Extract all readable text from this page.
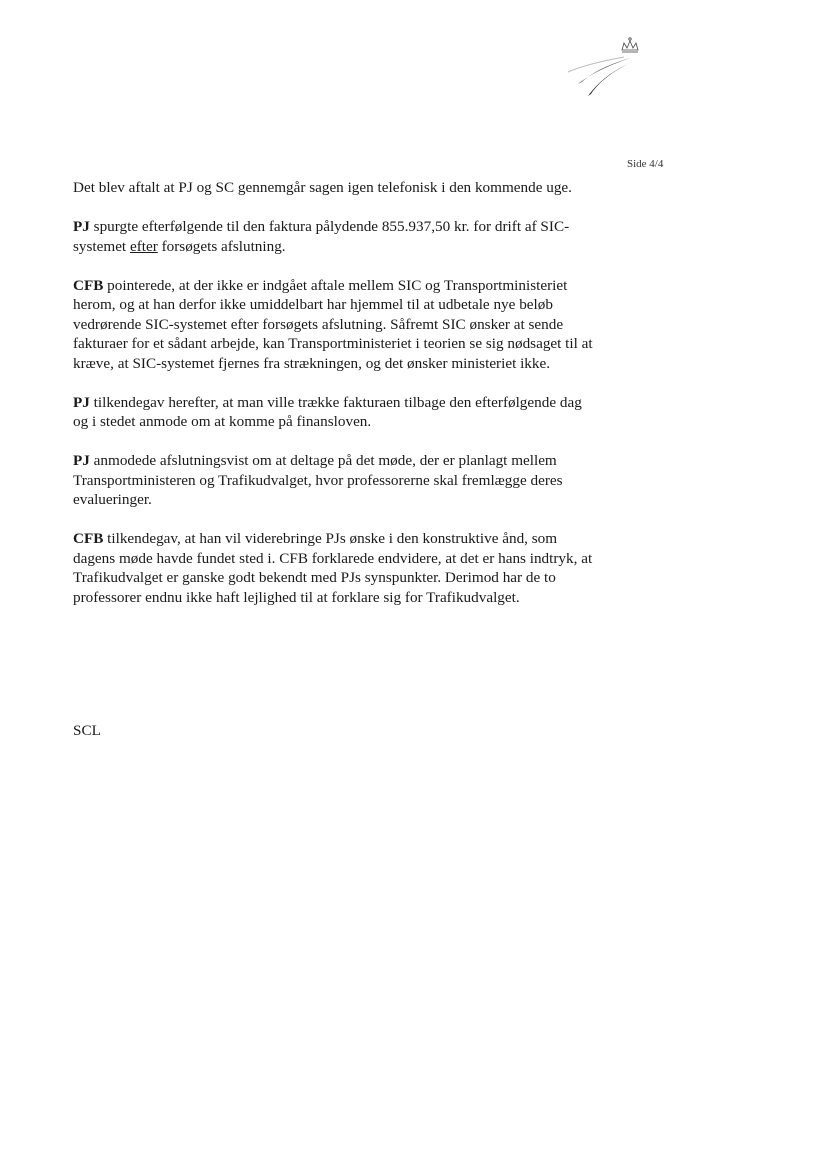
Side 4/4

Det blev aftalt at PJ og SC gennemgår sagen igen telefonisk i den kommende uge.

PJ spurgte efterfølgende til den faktura pålydende 855.937,50 kr. for drift af SIC-systemet efter forsøgets afslutning.

CFB pointerede, at der ikke er indgået aftale mellem SIC og Transportministeriet herom, og at han derfor ikke umiddelbart har hjemmel til at udbetale nye beløb vedrørende SIC-systemet efter forsøgets afslutning. Såfremt SIC ønsker at sende fakturaer for et sådant arbejde, kan Transportministeriet i teorien se sig nødsaget til at kræve, at SIC-systemet fjernes fra strækningen, og det ønsker ministeriet ikke.

PJ tilkendegav herefter, at man ville trække fakturaen tilbage den efterfølgende dag og i stedet anmode om at komme på finansloven.

PJ anmodede afslutningsvist om at deltage på det møde, der er planlagt mellem Transportministeren og Trafikudvalget, hvor professorerne skal fremlægge deres evalueringer.

CFB tilkendegav, at han vil viderebringe PJs ønske i den konstruktive ånd, som dagens møde havde fundet sted i. CFB forklarede endvidere, at det er hans indtryk, at Trafikudvalget er ganske godt bekendt med PJs synspunkter. Derimod har de to professorer endnu ikke haft lejlighed til at forklare sig for Trafikudvalget.

SCL
